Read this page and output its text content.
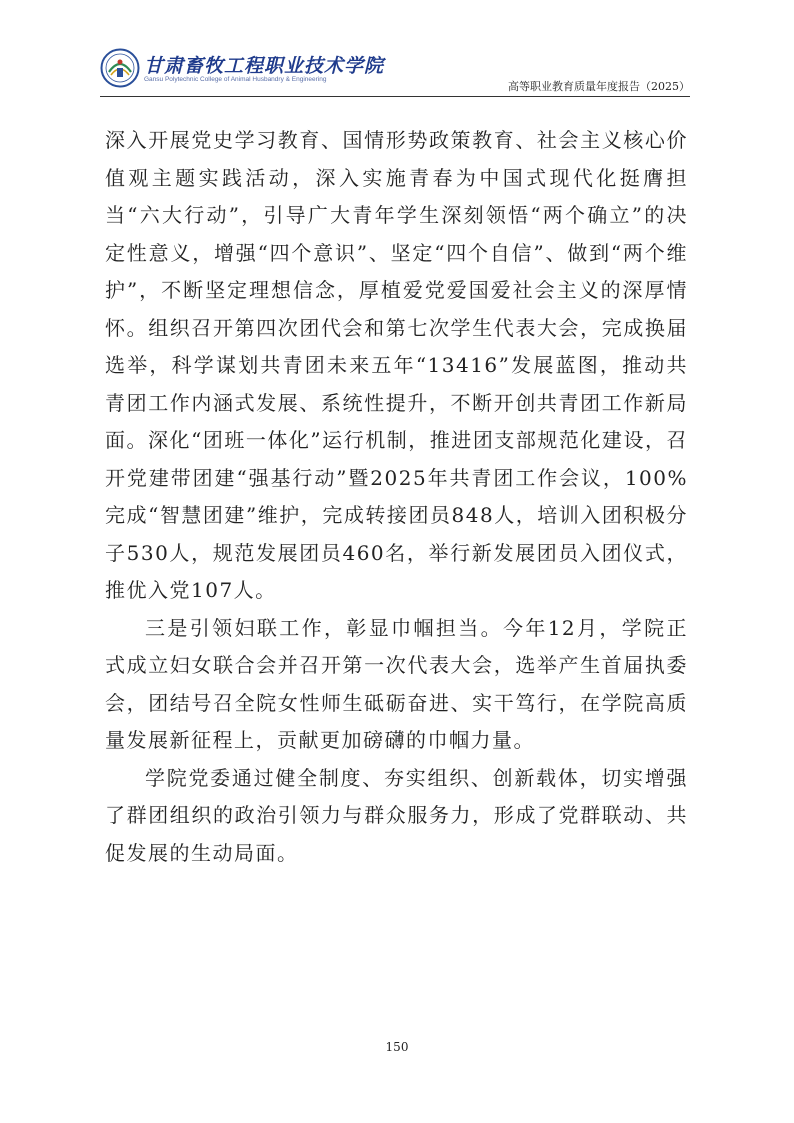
甘肃畜牧工程职业技术学院
Gansu Polytechnic College of Animal Husbandry & Engineering
高等职业教育质量年度报告（2025）

深入开展党史学习教育、国情形势政策教育、社会主义核心价值观主题实践活动，深入实施青春为中国式现代化挺膺担当“六大行动”，引导广大青年学生深刻领悟“两个确立”的决定性意义，增强“四个意识”、坚定“四个自信”、做到“两个维护”，不断坚定理想信念，厚植爱党爱国爱社会主义的深厚情怀。组织召开第四次团代会和第七次学生代表大会，完成换届选举，科学谋划共青团未来五年“13416”发展蓝图，推动共青团工作内涵式发展、系统性提升，不断开创共青团工作新局面。深化“团班一体化”运行机制，推进团支部规范化建设，召开党建带团建“强基行动”暨2025年共青团工作会议，100%完成“智慧团建”维护，完成转接团员848人，培训入团积极分子530人，规范发展团员460名，举行新发展团员入团仪式，推优入党107人。

三是引领妇联工作，彰显巾帼担当。今年12月，学院正式成立妇女联合会并召开第一次代表大会，选举产生首届执委会，团结号召全院女性师生砥砺奋进、实干笃行，在学院高质量发展新征程上，贡献更加磅礴的巾帼力量。

学院党委通过健全制度、夯实组织、创新载体，切实增强了群团组织的政治引领力与群众服务力，形成了党群联动、共促发展的生动局面。

150
